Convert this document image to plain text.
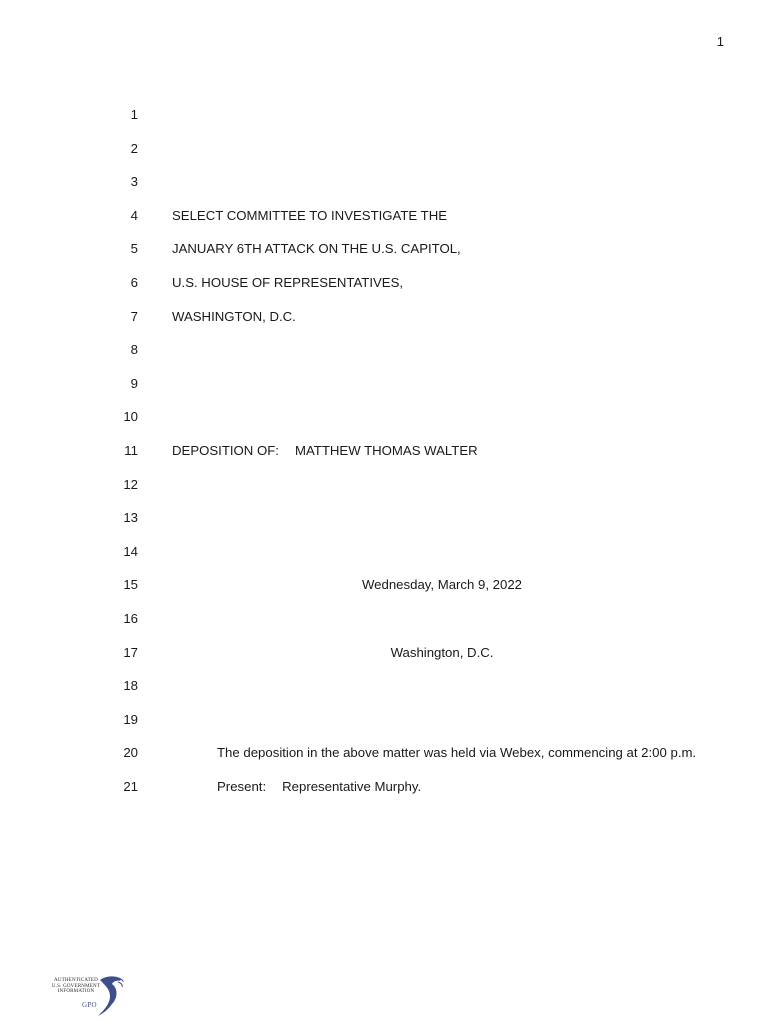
1
1
2
3
4	SELECT COMMITTEE TO INVESTIGATE THE
5	JANUARY 6TH ATTACK ON THE U.S. CAPITOL,
6	U.S. HOUSE OF REPRESENTATIVES,
7	WASHINGTON, D.C.
8
9
10
11	DEPOSITION OF: MATTHEW THOMAS WALTER
12
13
14
15	Wednesday, March 9, 2022
16
17	Washington, D.C.
18
19
20	The deposition in the above matter was held via Webex, commencing at 2:00 p.m.
21	Present: Representative Murphy.
AUTHENTICATED
U.S. GOVERNMENT
INFORMATION
GPO
